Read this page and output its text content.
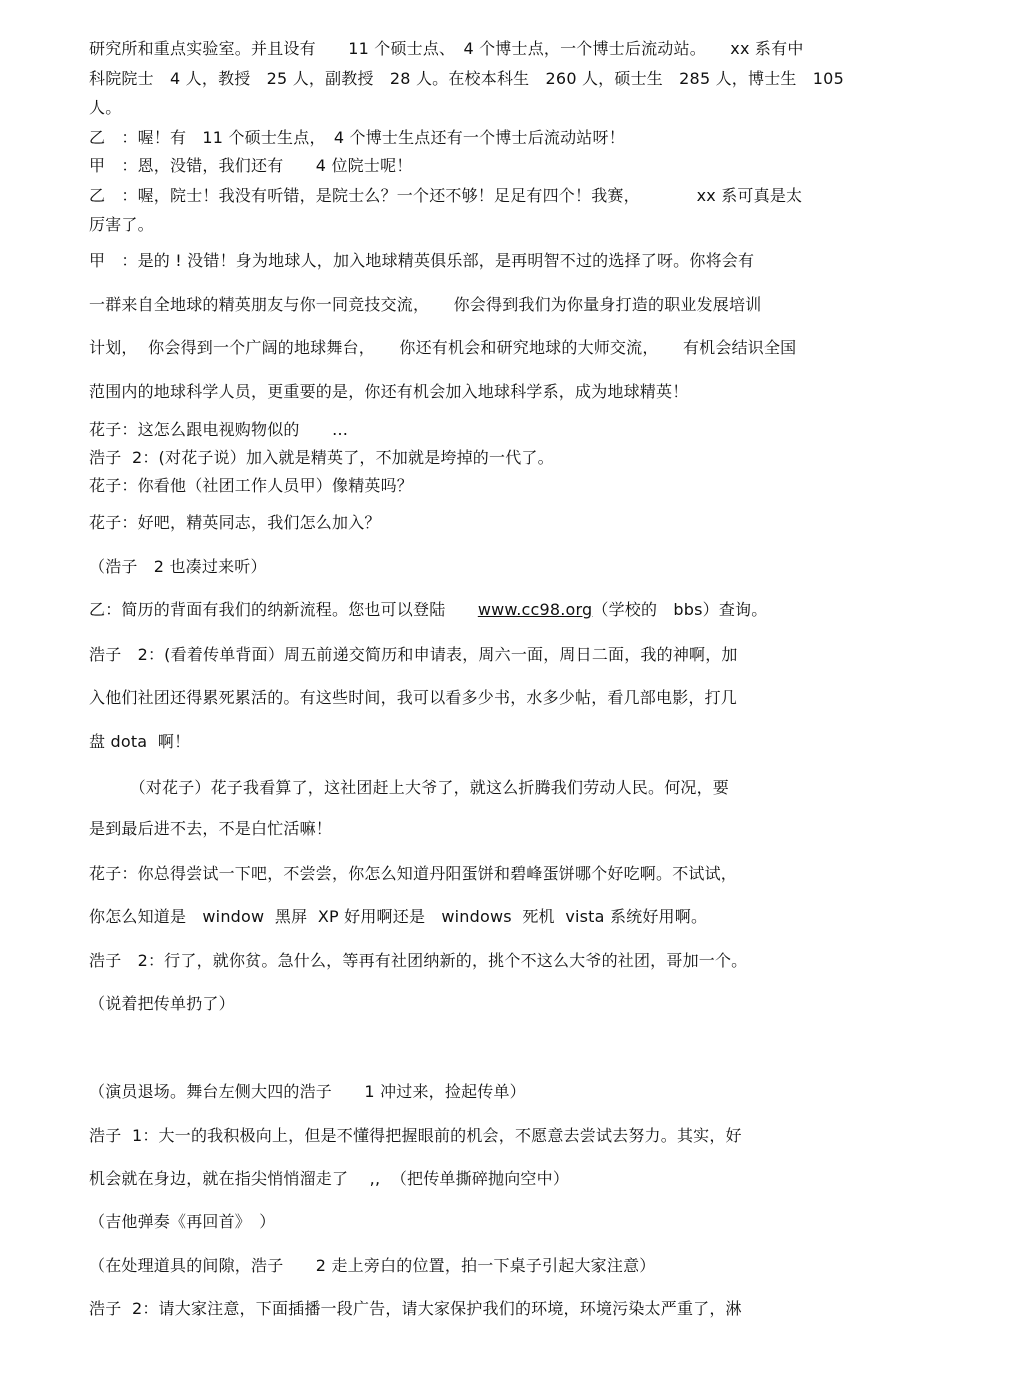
研究所和重点实验室。并且设有　　11 个硕士点、　4 个博士点，一个博士后流动站。　　xx 系有中
科院院士　4 人，教授　25 人，副教授　28 人。在校本科生　260 人，硕士生　285 人，博士生　105
人。
乙　：喔！有　11 个硕士生点，　4 个博士生点还有一个博士后流动站呀！
甲　：恩，没错，我们还有　　4 位院士呢！
乙　：喔，院士！我没有听错，是院士么？一个还不够！足足有四个！我赛，　　　　xx 系可真是太
厉害了。
甲　：是的 ! 没错！身为地球人，加入地球精英俱乐部，是再明智不过的选择了呀。你将会有
一群来自全地球的精英朋友与你一同竞技交流，　　你会得到我们为你量身打造的职业发展培训
计划，  你会得到一个广阔的地球舞台，　　你还有机会和研究地球的大师交流，　　有机会结识全国
范围内的地球科学人员，更重要的是，你还有机会加入地球科学系，成为地球精英！
花子：这怎么跟电视购物似的　　…
浩子  2：(对花子说）加入就是精英了，不加就是垮掉的一代了。
花子：你看他（社团工作人员甲）像精英吗？
花子：好吧，精英同志，我们怎么加入？
（浩子　2 也凑过来听）
乙：简历的背面有我们的纳新流程。您也可以登陆　　www.cc98.org（学校的　bbs）查询。
浩子　2：(看着传单背面）周五前递交简历和申请表，周六一面，周日二面，我的神啊，加
入他们社团还得累死累活的。有这些时间，我可以看多少书，水多少帖，看几部电影，打几
盘 dota  啊！
　　　（对花子）花子我看算了，这社团赶上大爷了，就这么折腾我们劳动人民。何况，要
是到最后进不去，不是白忙活嘛！
花子：你总得尝试一下吧，不尝尝，你怎么知道丹阳蛋饼和碧峰蛋饼哪个好吃啊。不试试，
你怎么知道是　window  黑屏  XP 好用啊还是　windows  死机  vista 系统好用啊。
浩子　2：行了，就你贫。急什么，等再有社团纳新的，挑个不这么大爷的社团，哥加一个。
（说着把传单扔了）
（演员退场。舞台左侧大四的浩子　　1 冲过来，捡起传单）
浩子  1：大一的我积极向上，但是不懂得把握眼前的机会，不愿意去尝试去努力。其实，好
机会就在身边，就在指尖悄悄溜走了　 ,,  （把传单撕碎抛向空中）
（吉他弹奏《再回首》　）
（在处理道具的间隙，浩子　　2 走上旁白的位置，拍一下桌子引起大家注意）
浩子  2：请大家注意，下面插播一段广告，请大家保护我们的环境，环境污染太严重了，淋
